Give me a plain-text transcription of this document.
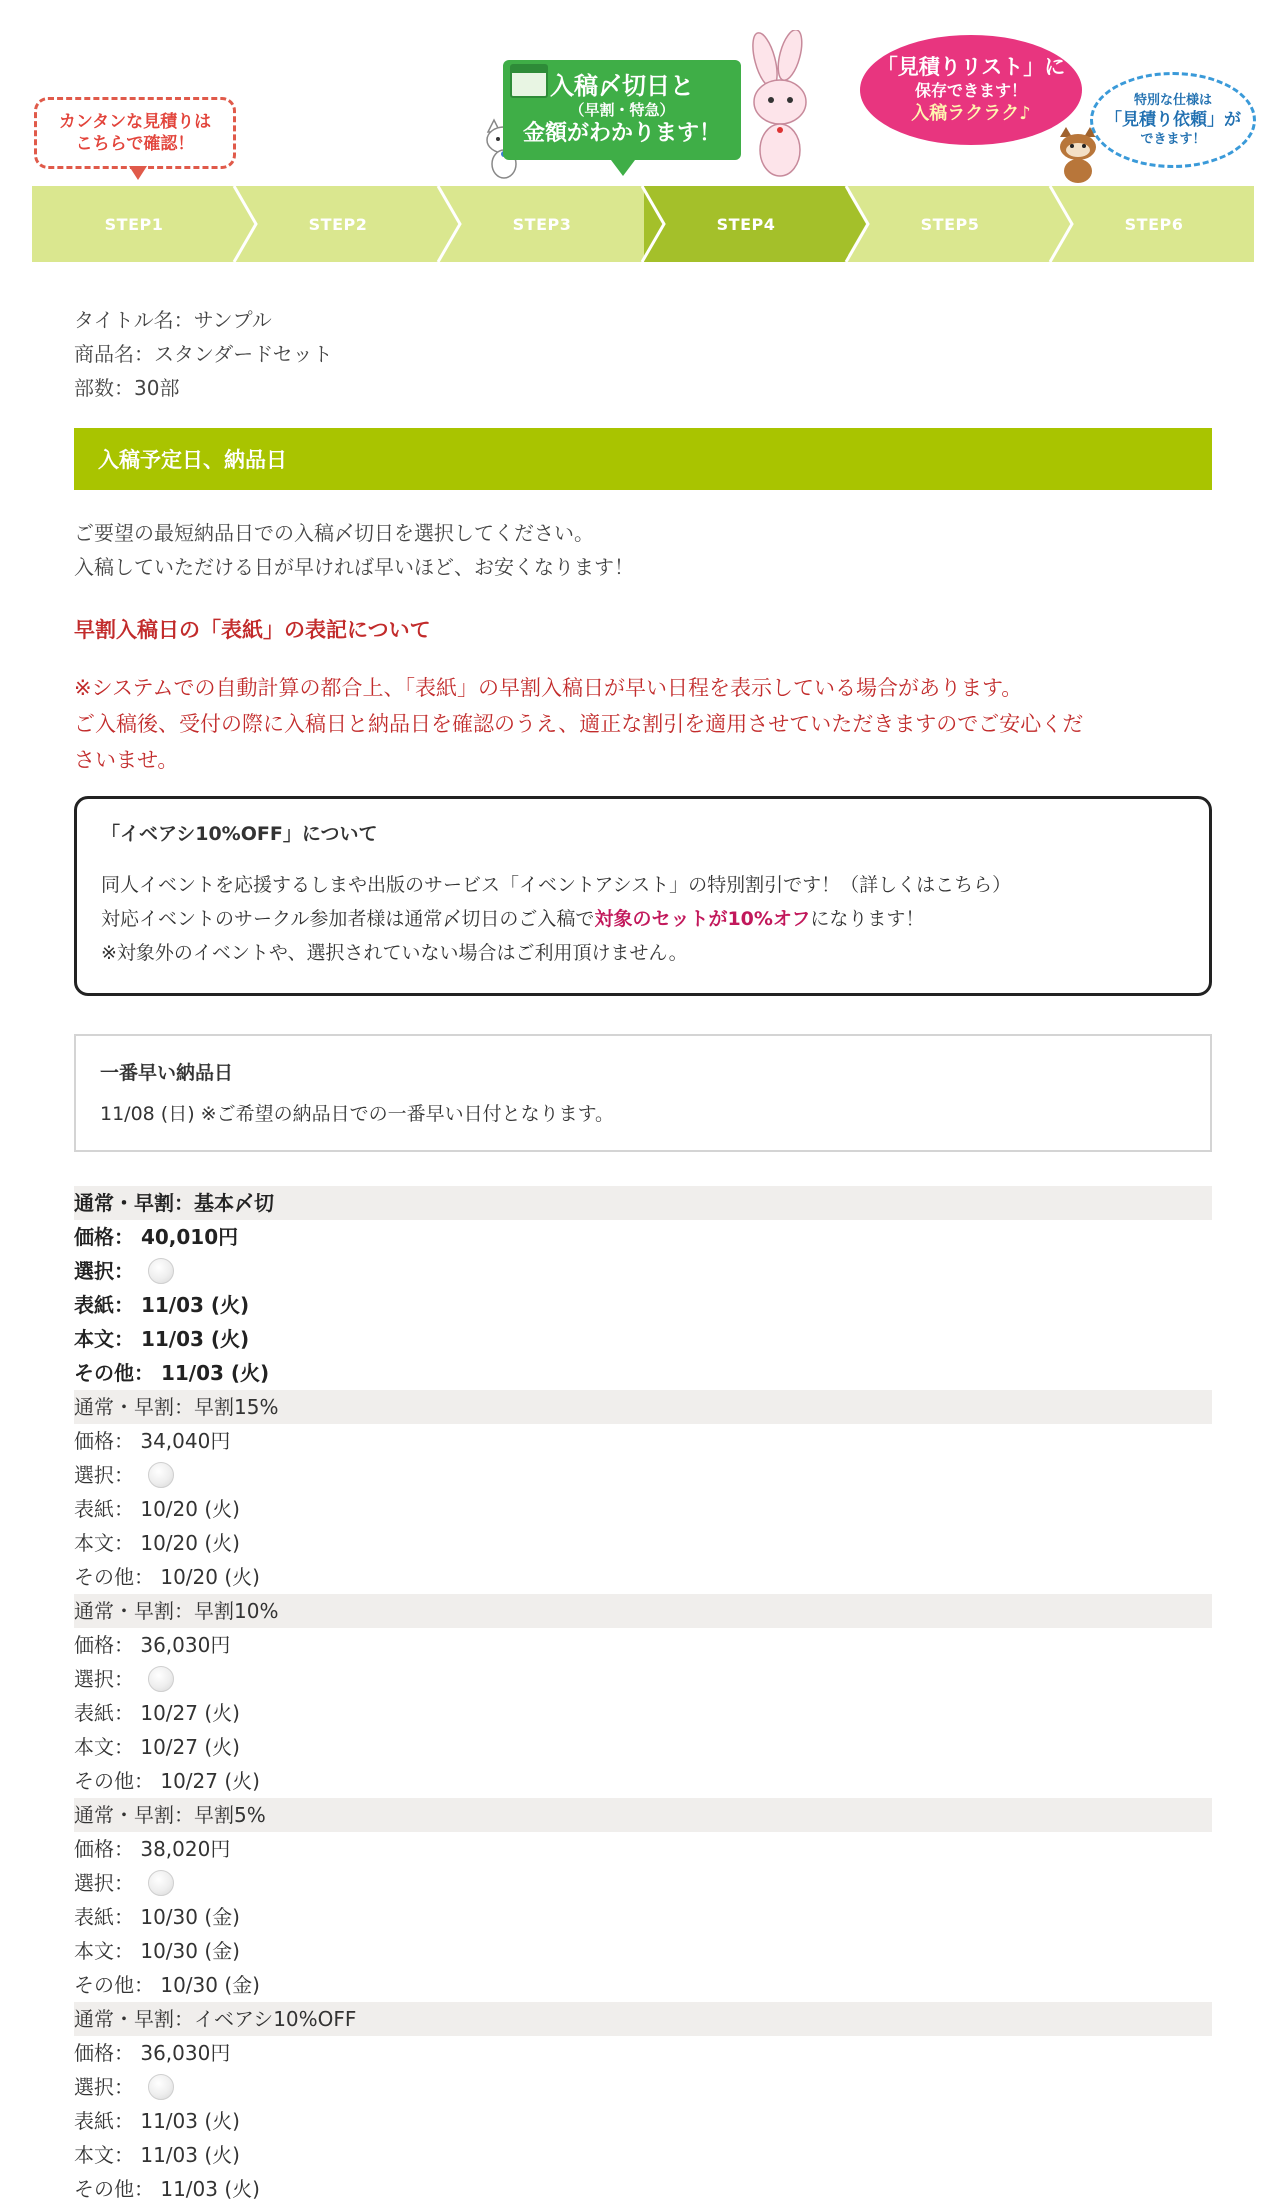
カンタンな見積りは
こちらで確認！
入稿〆切日と
（早割・特急）
金額がわかります！
「見積りリスト」に
保存できます！
入稿ラクラク♪
特別な仕様は
「見積り依頼」が
できます！
STEP1	STEP2	STEP3	STEP4	STEP5	STEP6
タイトル名：サンプル
商品名：スタンダードセット
部数：30部
入稿予定日、納品日
ご要望の最短納品日での入稿〆切日を選択してください。
入稿していただける日が早ければ早いほど、お安くなります！
早割入稿日の「表紙」の表記について
※システムでの自動計算の都合上、「表紙」の早割入稿日が早い日程を表示している場合があります。
ご入稿後、受付の際に入稿日と納品日を確認のうえ、適正な割引を適用させていただきますのでご安心くだ
さいませ。
「イベアシ10%OFF」について
同人イベントを応援するしまや出版のサービス「イベントアシスト」の特別割引です！（詳しくはこちら）
対応イベントのサークル参加者様は通常〆切日のご入稿で対象のセットが10%オフになります！
※対象外のイベントや、選択されていない場合はご利用頂けません。
一番早い納品日
11/08 (日) ※ご希望の納品日での一番早い日付となります。
通常・早割：基本〆切
価格： 40,010円
選択：
表紙： 11/03 (火)
本文： 11/03 (火)
その他： 11/03 (火)
通常・早割：早割15%
価格： 34,040円
選択：
表紙： 10/20 (火)
本文： 10/20 (火)
その他： 10/20 (火)
通常・早割：早割10%
価格： 36,030円
選択：
表紙： 10/27 (火)
本文： 10/27 (火)
その他： 10/27 (火)
通常・早割：早割5%
価格： 38,020円
選択：
表紙： 10/30 (金)
本文： 10/30 (金)
その他： 10/30 (金)
通常・早割：イベアシ10%OFF
価格： 36,030円
選択：
表紙： 11/03 (火)
本文： 11/03 (火)
その他： 11/03 (火)
